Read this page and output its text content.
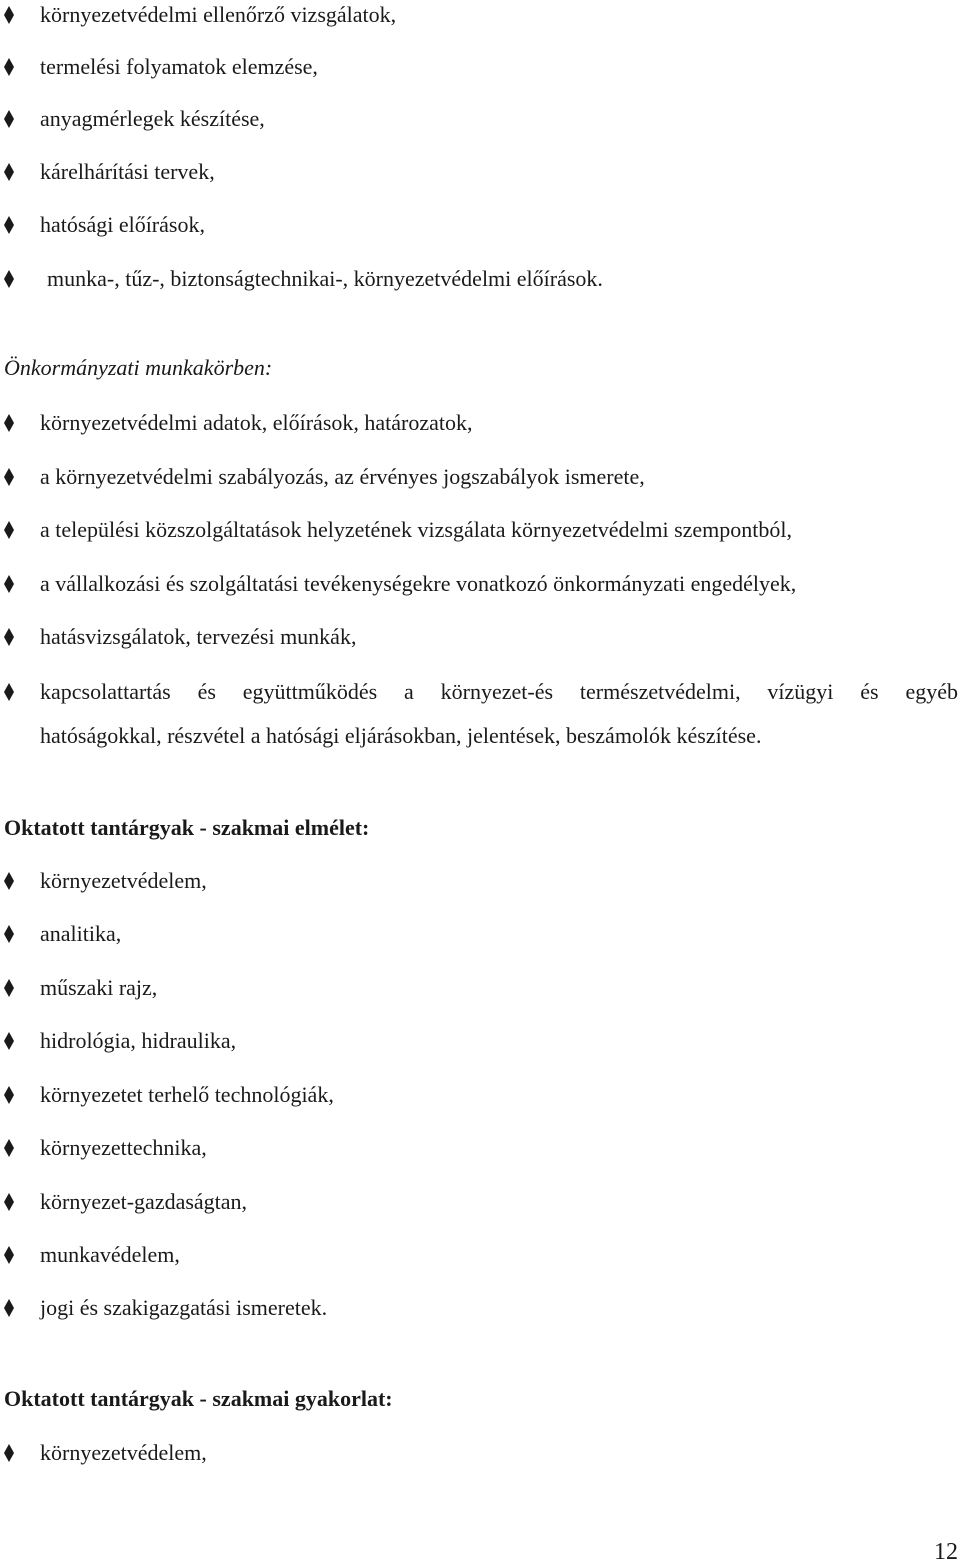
környezetvédelmi ellenőrző vizsgálatok,
termelési folyamatok elemzése,
anyagmérlegek készítése,
kárelhárítási tervek,
hatósági előírások,
munka-, tűz-, biztonságtechnikai-, környezetvédelmi előírások.
Önkormányzati munkakörben:
környezetvédelmi adatok, előírások, határozatok,
a környezetvédelmi szabályozás, az érvényes jogszabályok ismerete,
a települési közszolgáltatások helyzetének vizsgálata környezetvédelmi szempontból,
a vállalkozási és szolgáltatási tevékenységekre vonatkozó önkormányzati engedélyek,
hatásvizsgálatok, tervezési munkák,
kapcsolattartás és együttműködés a környezet-és természetvédelmi, vízügyi és egyéb
hatóságokkal, részvétel a hatósági eljárásokban, jelentések, beszámolók készítése.
Oktatott tantárgyak - szakmai elmélet:
környezetvédelem,
analitika,
műszaki rajz,
hidrológia, hidraulika,
környezetet terhelő technológiák,
környezettechnika,
környezet-gazdaságtan,
munkavédelem,
jogi és szakigazgatási ismeretek.
Oktatott tantárgyak - szakmai gyakorlat:
környezetvédelem,
12
